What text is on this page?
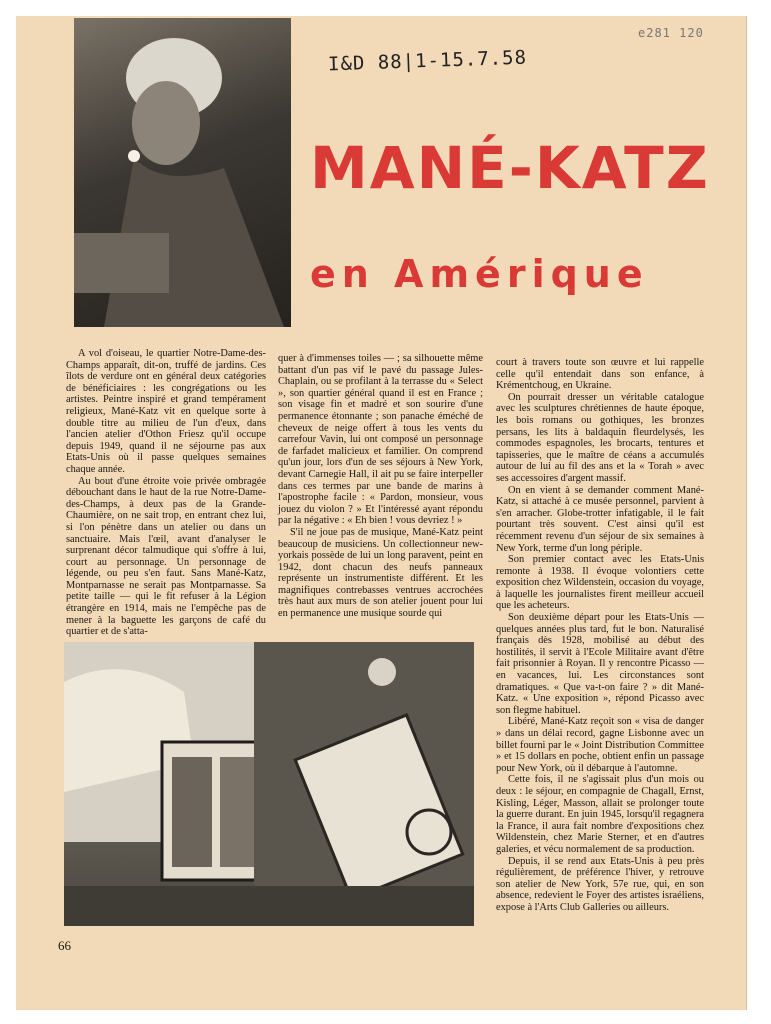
I&D 88|1-15.7.58
e281 120
MANÉ-KATZ
en Amérique

A vol d'oiseau, le quartier Notre-Dame-des-Champs apparaît, dit-on, truffé de jardins. Ces îlots de verdure ont en général deux catégories de bénéficiaires : les congrégations ou les artistes. Peintre inspiré et grand tempérament religieux, Mané-Katz vit en quelque sorte à double titre au milieu de l'un d'eux, dans l'ancien atelier d'Othon Friesz qu'il occupe depuis 1949, quand il ne séjourne pas aux Etats-Unis où il passe quelques semaines chaque année.

Au bout d'une étroite voie privée ombragée débouchant dans le haut de la rue Notre-Dame-des-Champs, à deux pas de la Grande-Chaumière, on ne sait trop, en entrant chez lui, si l'on pénètre dans un atelier ou dans un sanctuaire. Mais l'œil, avant d'analyser le surprenant décor talmudique qui s'offre à lui, court au personnage. Un personnage de légende, ou peu s'en faut. Sans Mané-Katz, Montparnasse ne serait pas Montparnasse. Sa petite taille — qui le fit refuser à la Légion étrangère en 1914, mais ne l'empêche pas de mener à la baguette les garçons de café du quartier et de s'atta-

quer à d'immenses toiles — ; sa silhouette même battant d'un pas vif le pavé du passage Jules-Chaplain, ou se profilant à la terrasse du « Select », son quartier général quand il est en France ; son visage fin et madré et son sourire d'une permanence étonnante ; son panache éméché de cheveux de neige offert à tous les vents du carrefour Vavin, lui ont composé un personnage de farfadet malicieux et familier. On comprend qu'un jour, lors d'un de ses séjours à New York, devant Carnegie Hall, il ait pu se faire interpeller dans ces termes par une bande de marins à l'apostrophe facile : « Pardon, monsieur, vous jouez du violon ? » Et l'intéressé ayant répondu par la négative : « Eh bien ! vous devriez ! »

S'il ne joue pas de musique, Mané-Katz peint beaucoup de musiciens. Un collectionneur new-yorkais possède de lui un long paravent, peint en 1942, dont chacun des neufs panneaux représente un instrumentiste différent. Et les magnifiques contrebasses ventrues accrochées très haut aux murs de son atelier jouent pour lui en permanence une musique sourde qui

court à travers toute son œuvre et lui rappelle celle qu'il entendait dans son enfance, à Krémentchoug, en Ukraine.

On pourrait dresser un véritable catalogue avec les sculptures chrétiennes de haute époque, les bois romans ou gothiques, les bronzes persans, les lits à baldaquin fleurdelysés, les commodes espagnoles, les brocarts, tentures et tapisseries, que le maître de céans a accumulés autour de lui au fil des ans et la « Torah » avec ses accessoires d'argent massif.

On en vient à se demander comment Mané-Katz, si attaché à ce musée personnel, parvient à s'en arracher. Globe-trotter infatigable, il le fait pourtant très souvent. C'est ainsi qu'il est récemment revenu d'un séjour de six semaines à New York, terme d'un long périple.

Son premier contact avec les Etats-Unis remonte à 1938. Il évoque volontiers cette exposition chez Wildenstein, occasion du voyage, à laquelle les journalistes firent meilleur accueil que les acheteurs.

Son deuxième départ pour les Etats-Unis — quelques années plus tard, fut le bon. Naturalisé français dès 1928, mobilisé au début des hostilités, il servit à l'Ecole Militaire avant d'être fait prisonnier à Royan. Il y rencontre Picasso — en vacances, lui. Les circonstances sont dramatiques. « Que va-t-on faire ? » dit Mané-Katz. « Une exposition », répond Picasso avec son flegme habituel.

Libéré, Mané-Katz reçoit son « visa de danger » dans un délai record, gagne Lisbonne avec un billet fourni par le « Joint Distribution Committee » et 15 dollars en poche, obtient enfin un passage pour New York, où il débarque à l'automne.

Cette fois, il ne s'agissait plus d'un mois ou deux : le séjour, en compagnie de Chagall, Ernst, Kisling, Léger, Masson, allait se prolonger toute la guerre durant. En juin 1945, lorsqu'il regagnera la France, il aura fait nombre d'expositions chez Wildenstein, chez Marie Sterner, et en d'autres galeries, et vécu normalement de sa production.

Depuis, il se rend aux Etats-Unis à peu près régulièrement, de préférence l'hiver, y retrouve son atelier de New York, 57e rue, qui, en son absence, redevient le Foyer des artistes israéliens, expose à l'Arts Club Galleries ou ailleurs.

66
